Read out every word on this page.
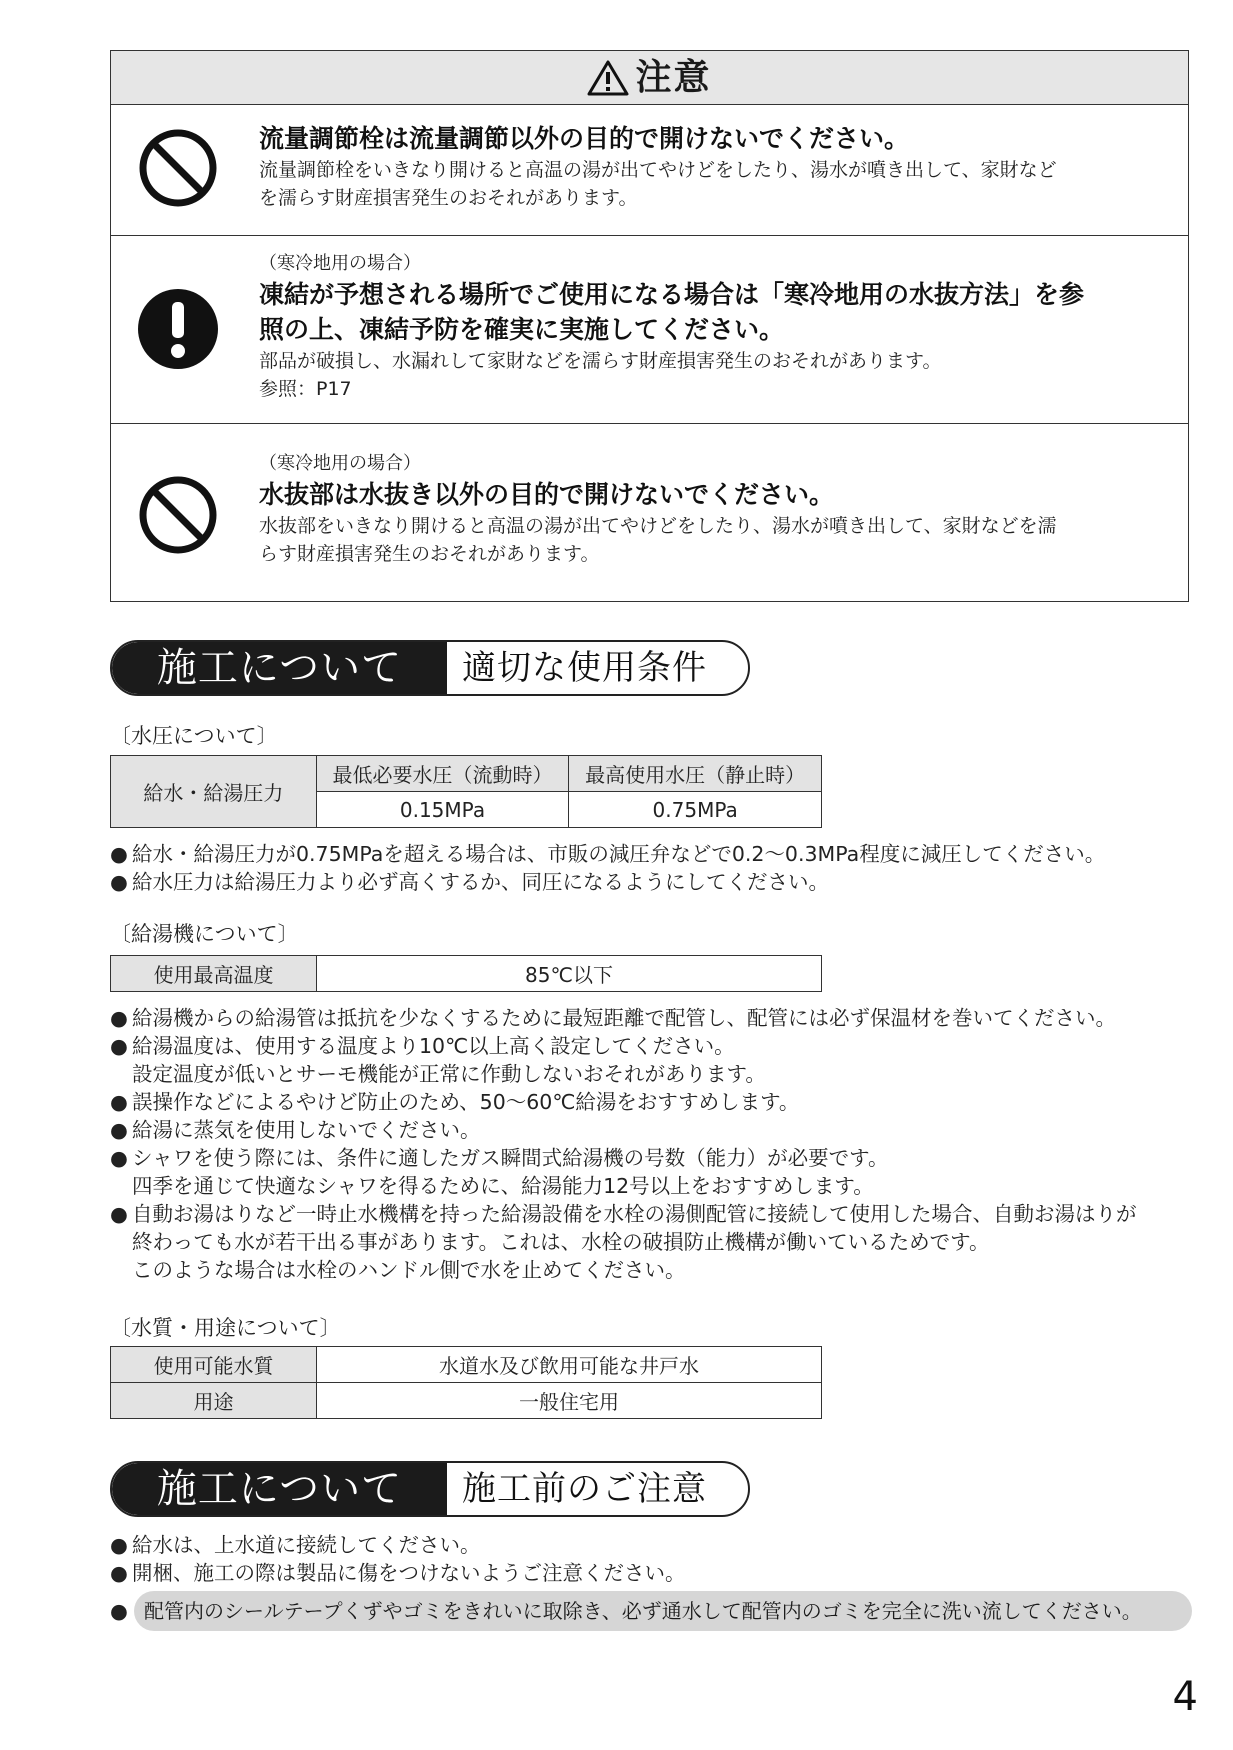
注意
流量調節栓は流量調節以外の目的で開けないでください。
流量調節栓をいきなり開けると高温の湯が出てやけどをしたり、湯水が噴き出して、家財など
を濡らす財産損害発生のおそれがあります。
（寒冷地用の場合）
凍結が予想される場所でご使用になる場合は「寒冷地用の水抜方法」を参
照の上、凍結予防を確実に実施してください。
部品が破損し、水漏れして家財などを濡らす財産損害発生のおそれがあります。
参照：P17
（寒冷地用の場合）
水抜部は水抜き以外の目的で開けないでください。
水抜部をいきなり開けると高温の湯が出てやけどをしたり、湯水が噴き出して、家財などを濡
らす財産損害発生のおそれがあります。
施工について	適切な使用条件
〔水圧について〕
給水・給湯圧力	最低必要水圧（流動時）	最高使用水圧（静止時）
	0.15MPa	0.75MPa
● 給水・給湯圧力が0.75MPaを超える場合は、市販の減圧弁などで0.2～0.3MPa程度に減圧してください。
● 給水圧力は給湯圧力より必ず高くするか、同圧になるようにしてください。
〔給湯機について〕
使用最高温度	85℃以下
● 給湯機からの給湯管は抵抗を少なくするために最短距離で配管し、配管には必ず保温材を巻いてください。
● 給湯温度は、使用する温度より10℃以上高く設定してください。
設定温度が低いとサーモ機能が正常に作動しないおそれがあります。
● 誤操作などによるやけど防止のため、50～60℃給湯をおすすめします。
● 給湯に蒸気を使用しないでください。
● シャワを使う際には、条件に適したガス瞬間式給湯機の号数（能力）が必要です。
四季を通じて快適なシャワを得るために、給湯能力12号以上をおすすめします。
● 自動お湯はりなど一時止水機構を持った給湯設備を水栓の湯側配管に接続して使用した場合、自動お湯はりが
終わっても水が若干出る事があります。これは、水栓の破損防止機構が働いているためです。
このような場合は水栓のハンドル側で水を止めてください。
〔水質・用途について〕
使用可能水質	水道水及び飲用可能な井戸水
用途	一般住宅用
施工について	施工前のご注意
● 給水は、上水道に接続してください。
● 開梱、施工の際は製品に傷をつけないようご注意ください。
● 配管内のシールテープくずやゴミをきれいに取除き、必ず通水して配管内のゴミを完全に洗い流してください。
4
